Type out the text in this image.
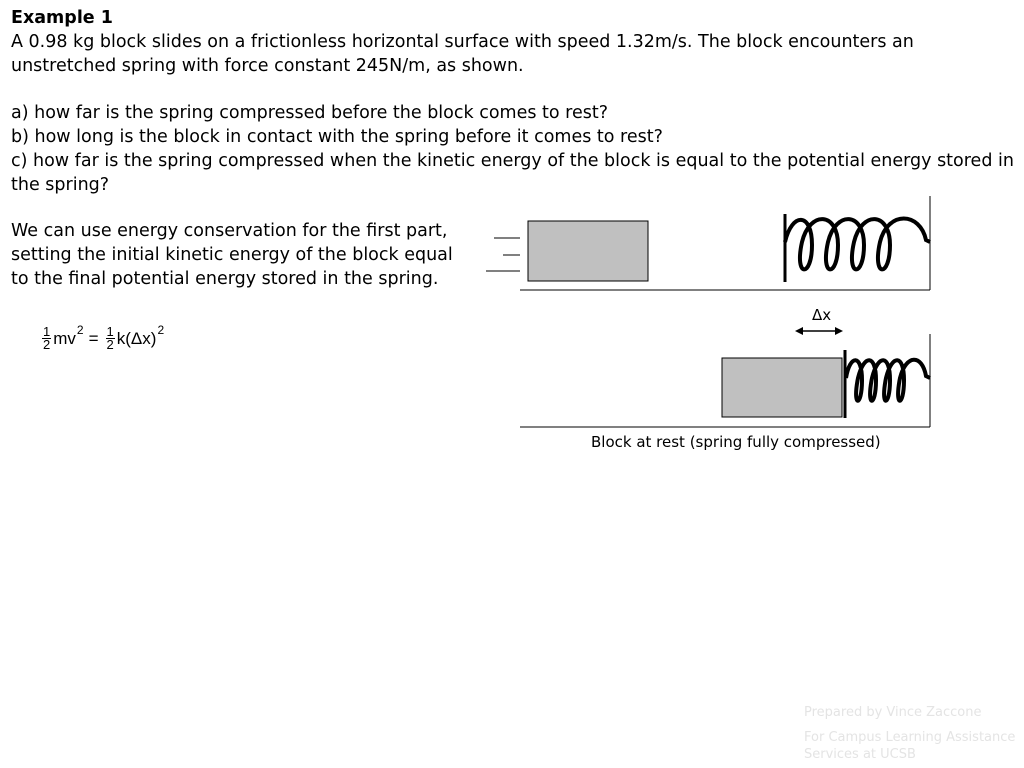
Example 1

A 0.98 kg block slides on a frictionless horizontal surface with speed 1.32m/s. The block encounters an unstretched spring with force constant 245N/m, as shown.

a) how far is the spring compressed before the block comes to rest?
b) how long is the block in contact with the spring before it comes to rest?
c) how far is the spring compressed when the kinetic energy of the block is equal to the potential energy stored in the spring?

We can use energy conservation for the first part, setting the initial kinetic energy of the block equal to the final potential energy stored in the spring.

$\frac{1}{2}$ mv $2 = \frac{1}{2} k(\Delta x)$ 2
Δx
Block at rest (spring fully compressed)
Prepared by Vince Zaccone
For Campus Learning Assistance Services at UCSB
